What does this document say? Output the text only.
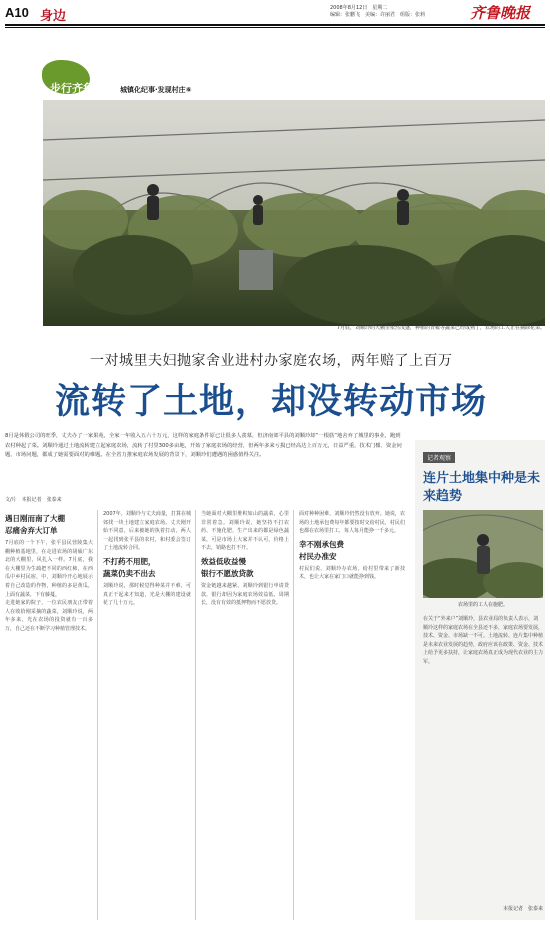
A10 身边
2008年8月12日　星期二
编辑：张鹏飞　美编：许丽君　组版：张莉	齐鲁晚报
步行齐鲁	城镇化纪事·发现村庄⑥
7月底，刘顺玲的大棚里依然茂盛，种植的青椒等蔬菜已经成熟了，农场的工人正在摘除花朵。
一对城里夫妇抛家舍业进村办家庭农场，两年赔了上百万
流转了土地，却没转动市场
8月是休假公司的旺季，丈夫办了一家果苑，全家一年收入五六十万元，这样的家庭条件原已让很多人羡慕，但济南郊平县的刘顺玲却“一根筋”地舍弃了城里的事业，跑到农村种起了菜。刘顺玲通过土地流转建立起家庭农场，流转了村里300多亩地，开始了家庭农场的经营，但两年多来亏损已经高达上百万元，日益严重，技术门槛、资金问题、市场问题，都成了她需要面对的难题。在全省力推家庭农场发展的背景下，刘顺玲们遭遇的困惑值得关注。
文/片　本报记者　张泰来
遇日刚而南了大棚
忍痛舍弃大订单
7月底的一个下午，张平县民营陵集大棚种植基地里，在走进农场的胡硕广东北的大棚里，风扎入一样。7月底，我在大棚里为生疏把不同的西红柿，在西瓜中乡村民宿，中，刘顺玲开心地展示着自己改造的作物，种植的多是黄瓜，上面有蔬菜，下有藤蔓。
走进她家的院子，一位农民朋友正带着人在收拾刚采摘的蔬菜，刘顺玲说，两年多来，光在农场的投资就有一百多万，自己还在不断学习种植管理技术。
2007年，刘顺玲与丈夫商量，打算在城郊找一块土地建立家庭农场。丈夫刚开始不同意，后来被她的执着打动，两人一起找到张平县的农村，和村委会签订了土地流转合同。
不打药不用肥，
蔬菜仍卖不出去
刘顺玲说，那时候觉得种菜并不难，可真正干起来才知道，光是大棚的建设就花了几十万元。
当她面对大棚里堆积如山的蔬菜，心里非常着急。刘顺玲说，她坚持不打农药、不施化肥，生产出来的都是绿色蔬菜，可是市场上大家并不认可，价格上不去，销路也打不开。
效益低收益慢
银行不愿放贷款
资金链越来越紧，刘顺玲到银行申请贷款，银行却因为家庭农场效益低、周期长，没有有效的抵押物而不愿放贷。
面对种种困难，刘顺玲仍然没有放弃。她说，农场的土地承包费每年都要按时交给村民，村民们也都在农场里打工，每人每月能挣一千多元。
幸不刚承包费
村民办准安
村民们说，刘顺玲办农场，给村里带来了新技术，也让大家在家门口就能挣到钱。
记者观察
连片土地集中种是未来趋势
农场里的工人在施肥。
在关于“外来户”刘顺玲，县农业局的负责人表示，刘顺玲这样的家庭农场在全县还不多，家庭农场要发展，技术、资金、市场缺一不可。土地流转、连片集中种植是未来农业发展的趋势，政府应该在政策、资金、技术上给予更多扶持，让家庭农场真正成为现代农业的主力军。
本报记者　张泰来
